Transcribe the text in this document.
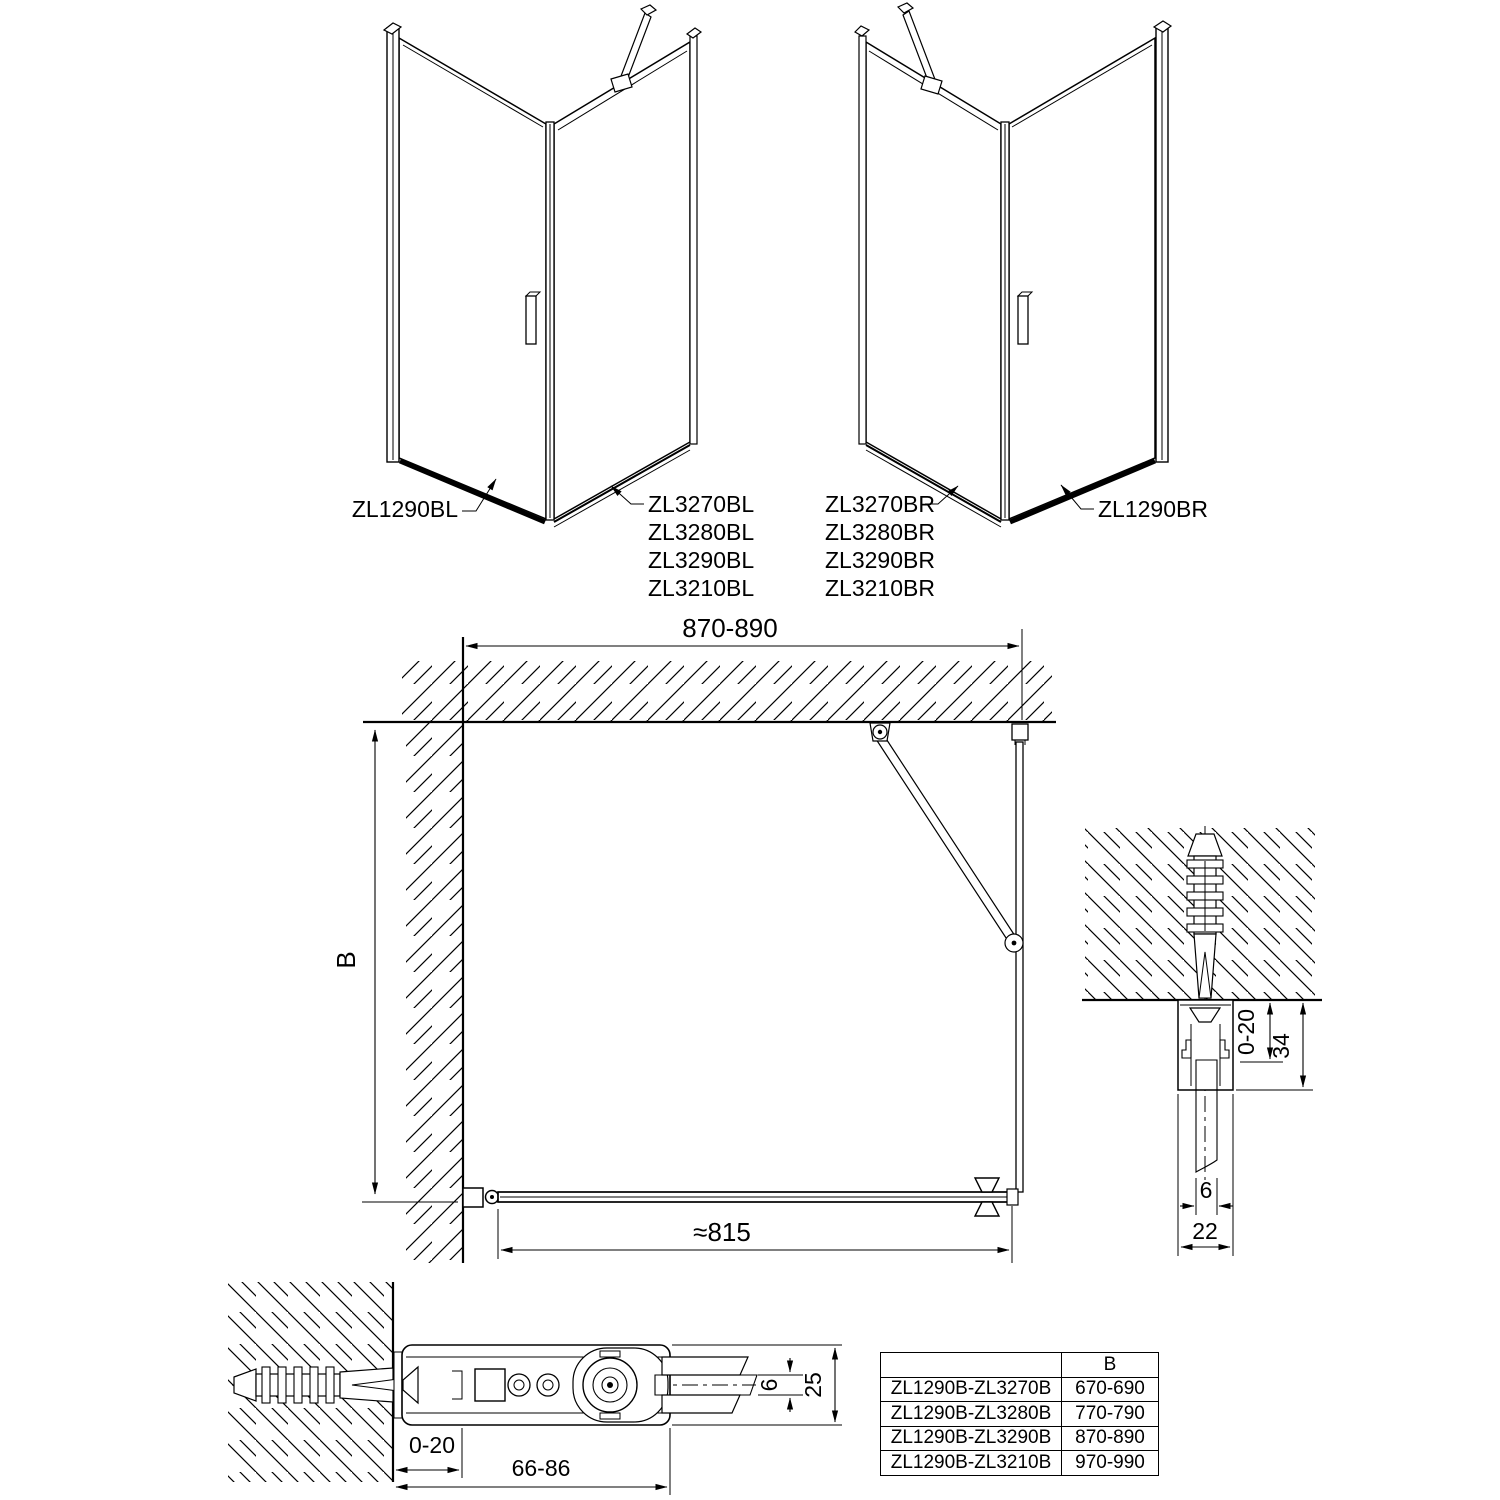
ZL1290BL	ZL3270BL
ZL3280BL
ZL3290BL
ZL3210BL
ZL3270BR
ZL3280BR
ZL3290BR
ZL3210BR
ZL1290BR
870-890
B
≈815
0-20 34
6
22
0-20
66-86
6 25
	B
ZL1290B-ZL3270B	670-690
ZL1290B-ZL3280B	770-790
ZL1290B-ZL3290B	870-890
ZL1290B-ZL3210B	970-990
